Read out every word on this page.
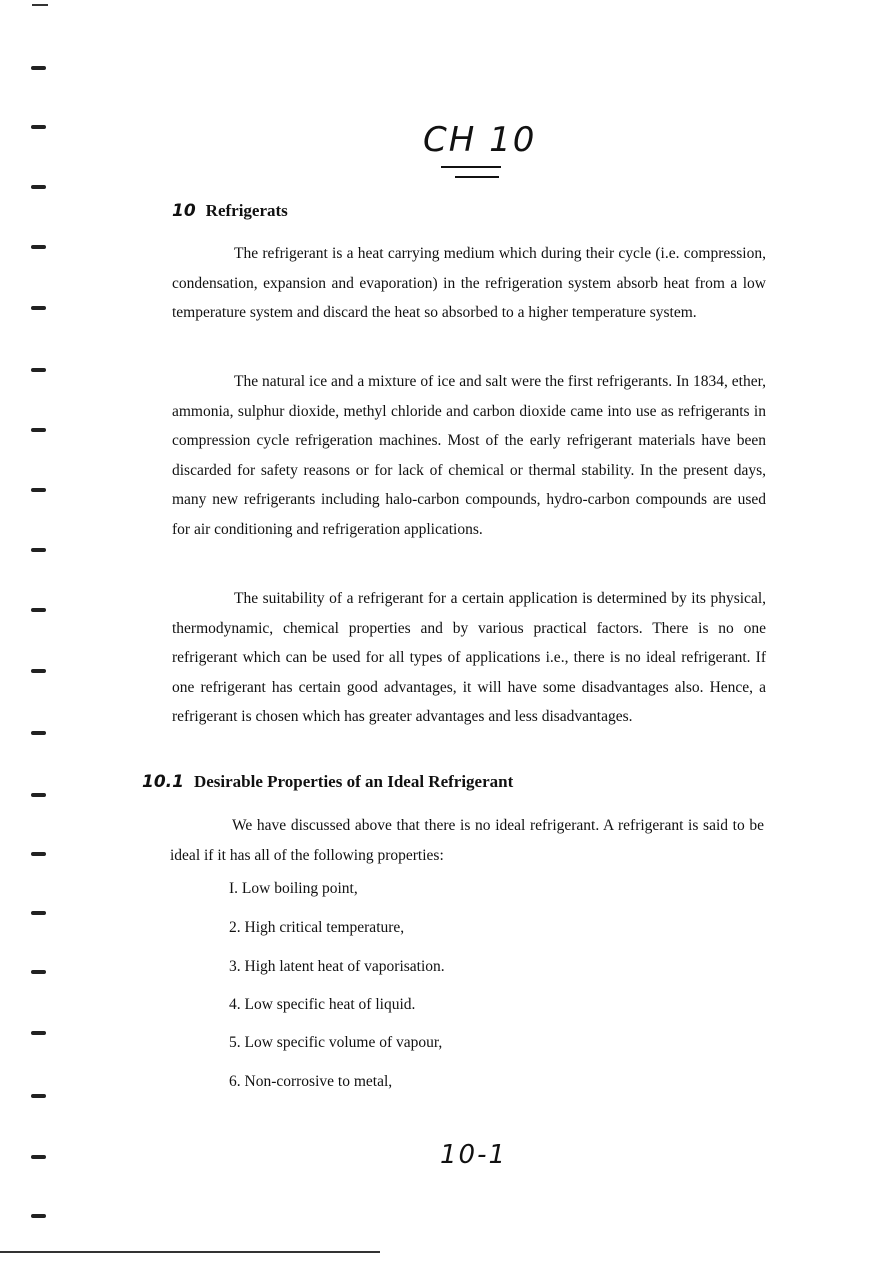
CH 10
10 Refrigerats

The refrigerant is a heat carrying medium which during their cycle (i.e. compression, condensation, expansion and evaporation) in the refrigeration system absorb heat from a low temperature system and discard the heat so absorbed to a higher temperature system.

The natural ice and a mixture of ice and salt were the first refrigerants. In 1834, ether, ammonia, sulphur dioxide, methyl chloride and carbon dioxide came into use as refrigerants in compression cycle refrigeration machines. Most of the early refrigerant materials have been discarded for safety reasons or for lack of chemical or thermal stability. In the present days, many new refrigerants including halo-carbon compounds, hydro-carbon compounds are used for air conditioning and refrigeration applications.

The suitability of a refrigerant for a certain application is determined by its physical, thermodynamic, chemical properties and by various practical factors. There is no one refrigerant which can be used for all types of applications i.e., there is no ideal refrigerant. If one refrigerant has certain good advantages, it will have some disadvantages also. Hence, a refrigerant is chosen which has greater advantages and less disadvantages.

10.1 Desirable Properties of an Ideal Refrigerant

We have discussed above that there is no ideal refrigerant. A refrigerant is said to be ideal if it has all of the following properties:

I. Low boiling point,
2. High critical temperature,
3. High latent heat of vaporisation.
4. Low specific heat of liquid.
5. Low specific volume of vapour,
6. Non-corrosive to metal,
10-1
